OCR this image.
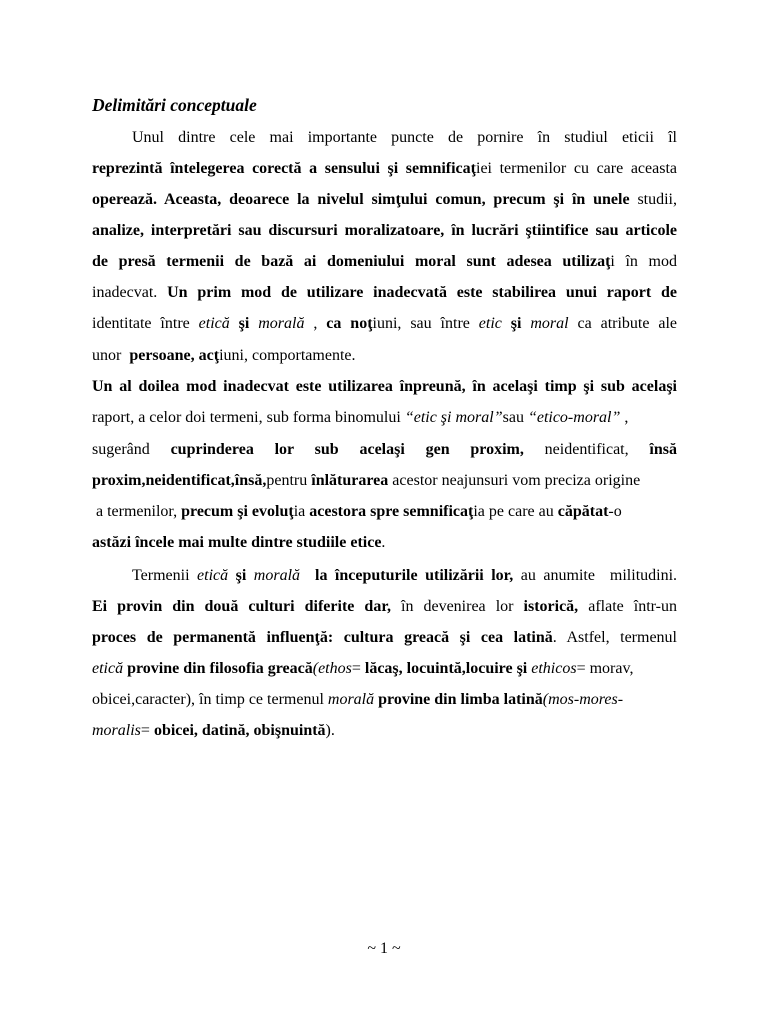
Delimitări conceptuale
Unul dintre cele mai importante puncte de pornire în studiul eticii îl
reprezintă întelegerea corectă a sensului şi semnificaţiei termenilor cu care aceasta
operează. Aceasta, deoarece la nivelul simţului comun, precum şi în unele studii,
analize, interpretări sau discursuri moralizatoare, în lucrări ştiintifice sau articole
de presă termenii de bază ai domeniului moral sunt adesea utilizaţi în mod
inadecvat. Un prim mod de utilizare inadecvată este stabilirea unui raport de
identitate între etică şi morală , ca noţiuni, sau între etic şi moral ca atribute ale
unor  persoane, acţiuni, comportamente.
Un al doilea mod inadecvat este utilizarea înpreună, în acelaşi timp şi sub acelaşi
raport, a celor doi termeni, sub forma binomului “etic şi moral”sau “etico-moral” ,
sugerând cuprinderea lor sub acelaşi gen proxim, neidentificat, însă
proxim,neidentificat,însă,pentru înlăturarea acestor neajunsuri vom preciza origine
a termenilor, precum şi evoluţia acestora spre semnificaţia pe care au căpătat-o
astăzi încele mai multe dintre studiile etice.
Termenii etică şi morală la începuturile utilizării lor, au anumite  militudini.
Ei provin din două culturi diferite dar, în devenirea lor istorică, aflate într-un
proces de permanentă influenţă: cultura greacă şi cea latină. Astfel, termenul
etică provine din filosofia greacă(ethos= lăcaş, locuintă,locuire şi ethicos= morav,
obicei,caracter), în timp ce termenul morală provine din limba latină(mos-mores-
moralis= obicei, datină, obişnuintă).
~ 1 ~
